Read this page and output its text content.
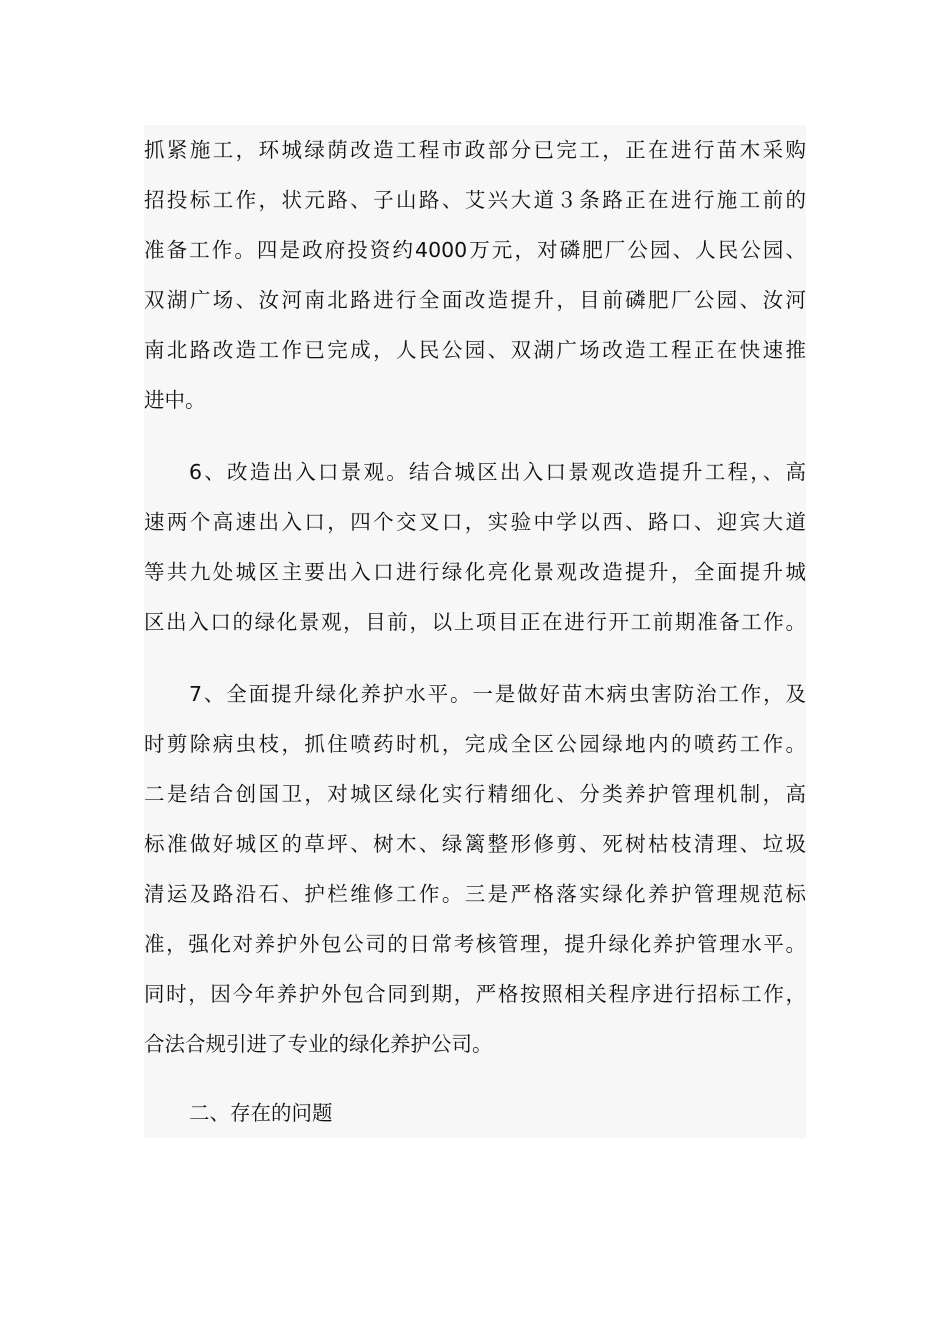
抓紧施工，环城绿荫改造工程市政部分已完工，正在进行苗木采购
招投标工作，状元路、子山路、艾兴大道３条路正在进行施工前的
准备工作。四是政府投资约4000万元，对磷肥厂公园、人民公园、
双湖广场、汝河南北路进行全面改造提升，目前磷肥厂公园、汝河
南北路改造工作已完成，人民公园、双湖广场改造工程正在快速推
进中。
6、改造出入口景观。结合城区出入口景观改造提升工程，、高
速两个高速出入口，四个交叉口，实验中学以西、路口、迎宾大道
等共九处城区主要出入口进行绿化亮化景观改造提升，全面提升城
区出入口的绿化景观，目前，以上项目正在进行开工前期准备工作。
7、全面提升绿化养护水平。一是做好苗木病虫害防治工作，及
时剪除病虫枝，抓住喷药时机，完成全区公园绿地内的喷药工作。
二是结合创国卫，对城区绿化实行精细化、分类养护管理机制，高
标准做好城区的草坪、树木、绿篱整形修剪、死树枯枝清理、垃圾
清运及路沿石、护栏维修工作。三是严格落实绿化养护管理规范标
准，强化对养护外包公司的日常考核管理，提升绿化养护管理水平。
同时，因今年养护外包合同到期，严格按照相关程序进行招标工作，
合法合规引进了专业的绿化养护公司。
二、存在的问题
